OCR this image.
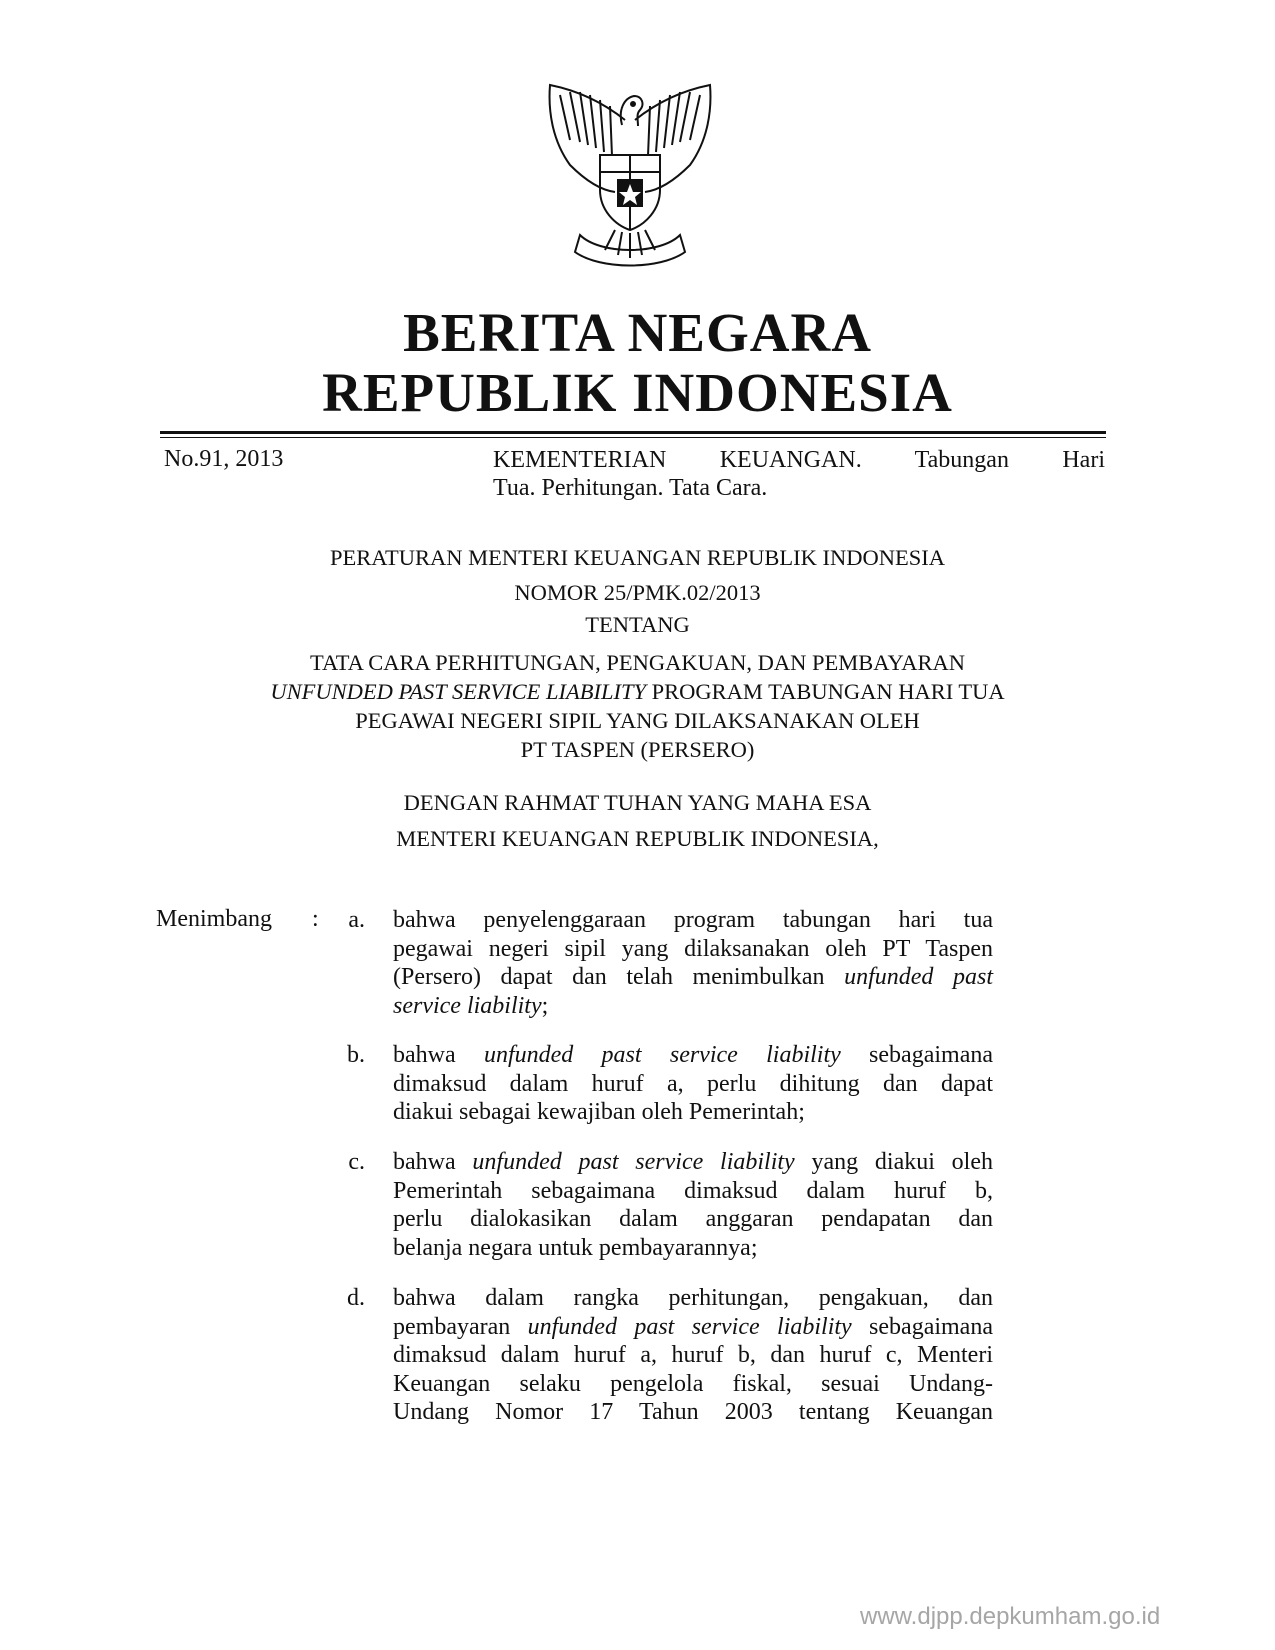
BERITA NEGARA
REPUBLIK INDONESIA
No.91, 2013	KEMENTERIAN KEUANGAN. Tabungan Hari
Tua. Perhitungan. Tata Cara.
PERATURAN MENTERI KEUANGAN REPUBLIK INDONESIA
NOMOR 25/PMK.02/2013
TENTANG
TATA CARA PERHITUNGAN, PENGAKUAN, DAN PEMBAYARAN
UNFUNDED PAST SERVICE LIABILITY PROGRAM TABUNGAN HARI TUA
PEGAWAI NEGERI SIPIL YANG DILAKSANAKAN OLEH
PT TASPEN (PERSERO)
DENGAN RAHMAT TUHAN YANG MAHA ESA
MENTERI KEUANGAN REPUBLIK INDONESIA,
Menimbang :	a. bahwa penyelenggaraan program tabungan hari tua
pegawai negeri sipil yang dilaksanakan oleh PT Taspen
(Persero) dapat dan telah menimbulkan unfunded past
service liability;
b. bahwa unfunded past service liability sebagaimana
dimaksud dalam huruf a, perlu dihitung dan dapat
diakui sebagai kewajiban oleh Pemerintah;
c. bahwa unfunded past service liability yang diakui oleh
Pemerintah sebagaimana dimaksud dalam huruf b,
perlu dialokasikan dalam anggaran pendapatan dan
belanja negara untuk pembayarannya;
d. bahwa dalam rangka perhitungan, pengakuan, dan
pembayaran unfunded past service liability sebagaimana
dimaksud dalam huruf a, huruf b, dan huruf c, Menteri
Keuangan selaku pengelola fiskal, sesuai Undang-
Undang Nomor 17 Tahun 2003 tentang Keuangan
www.djpp.depkumham.go.id
